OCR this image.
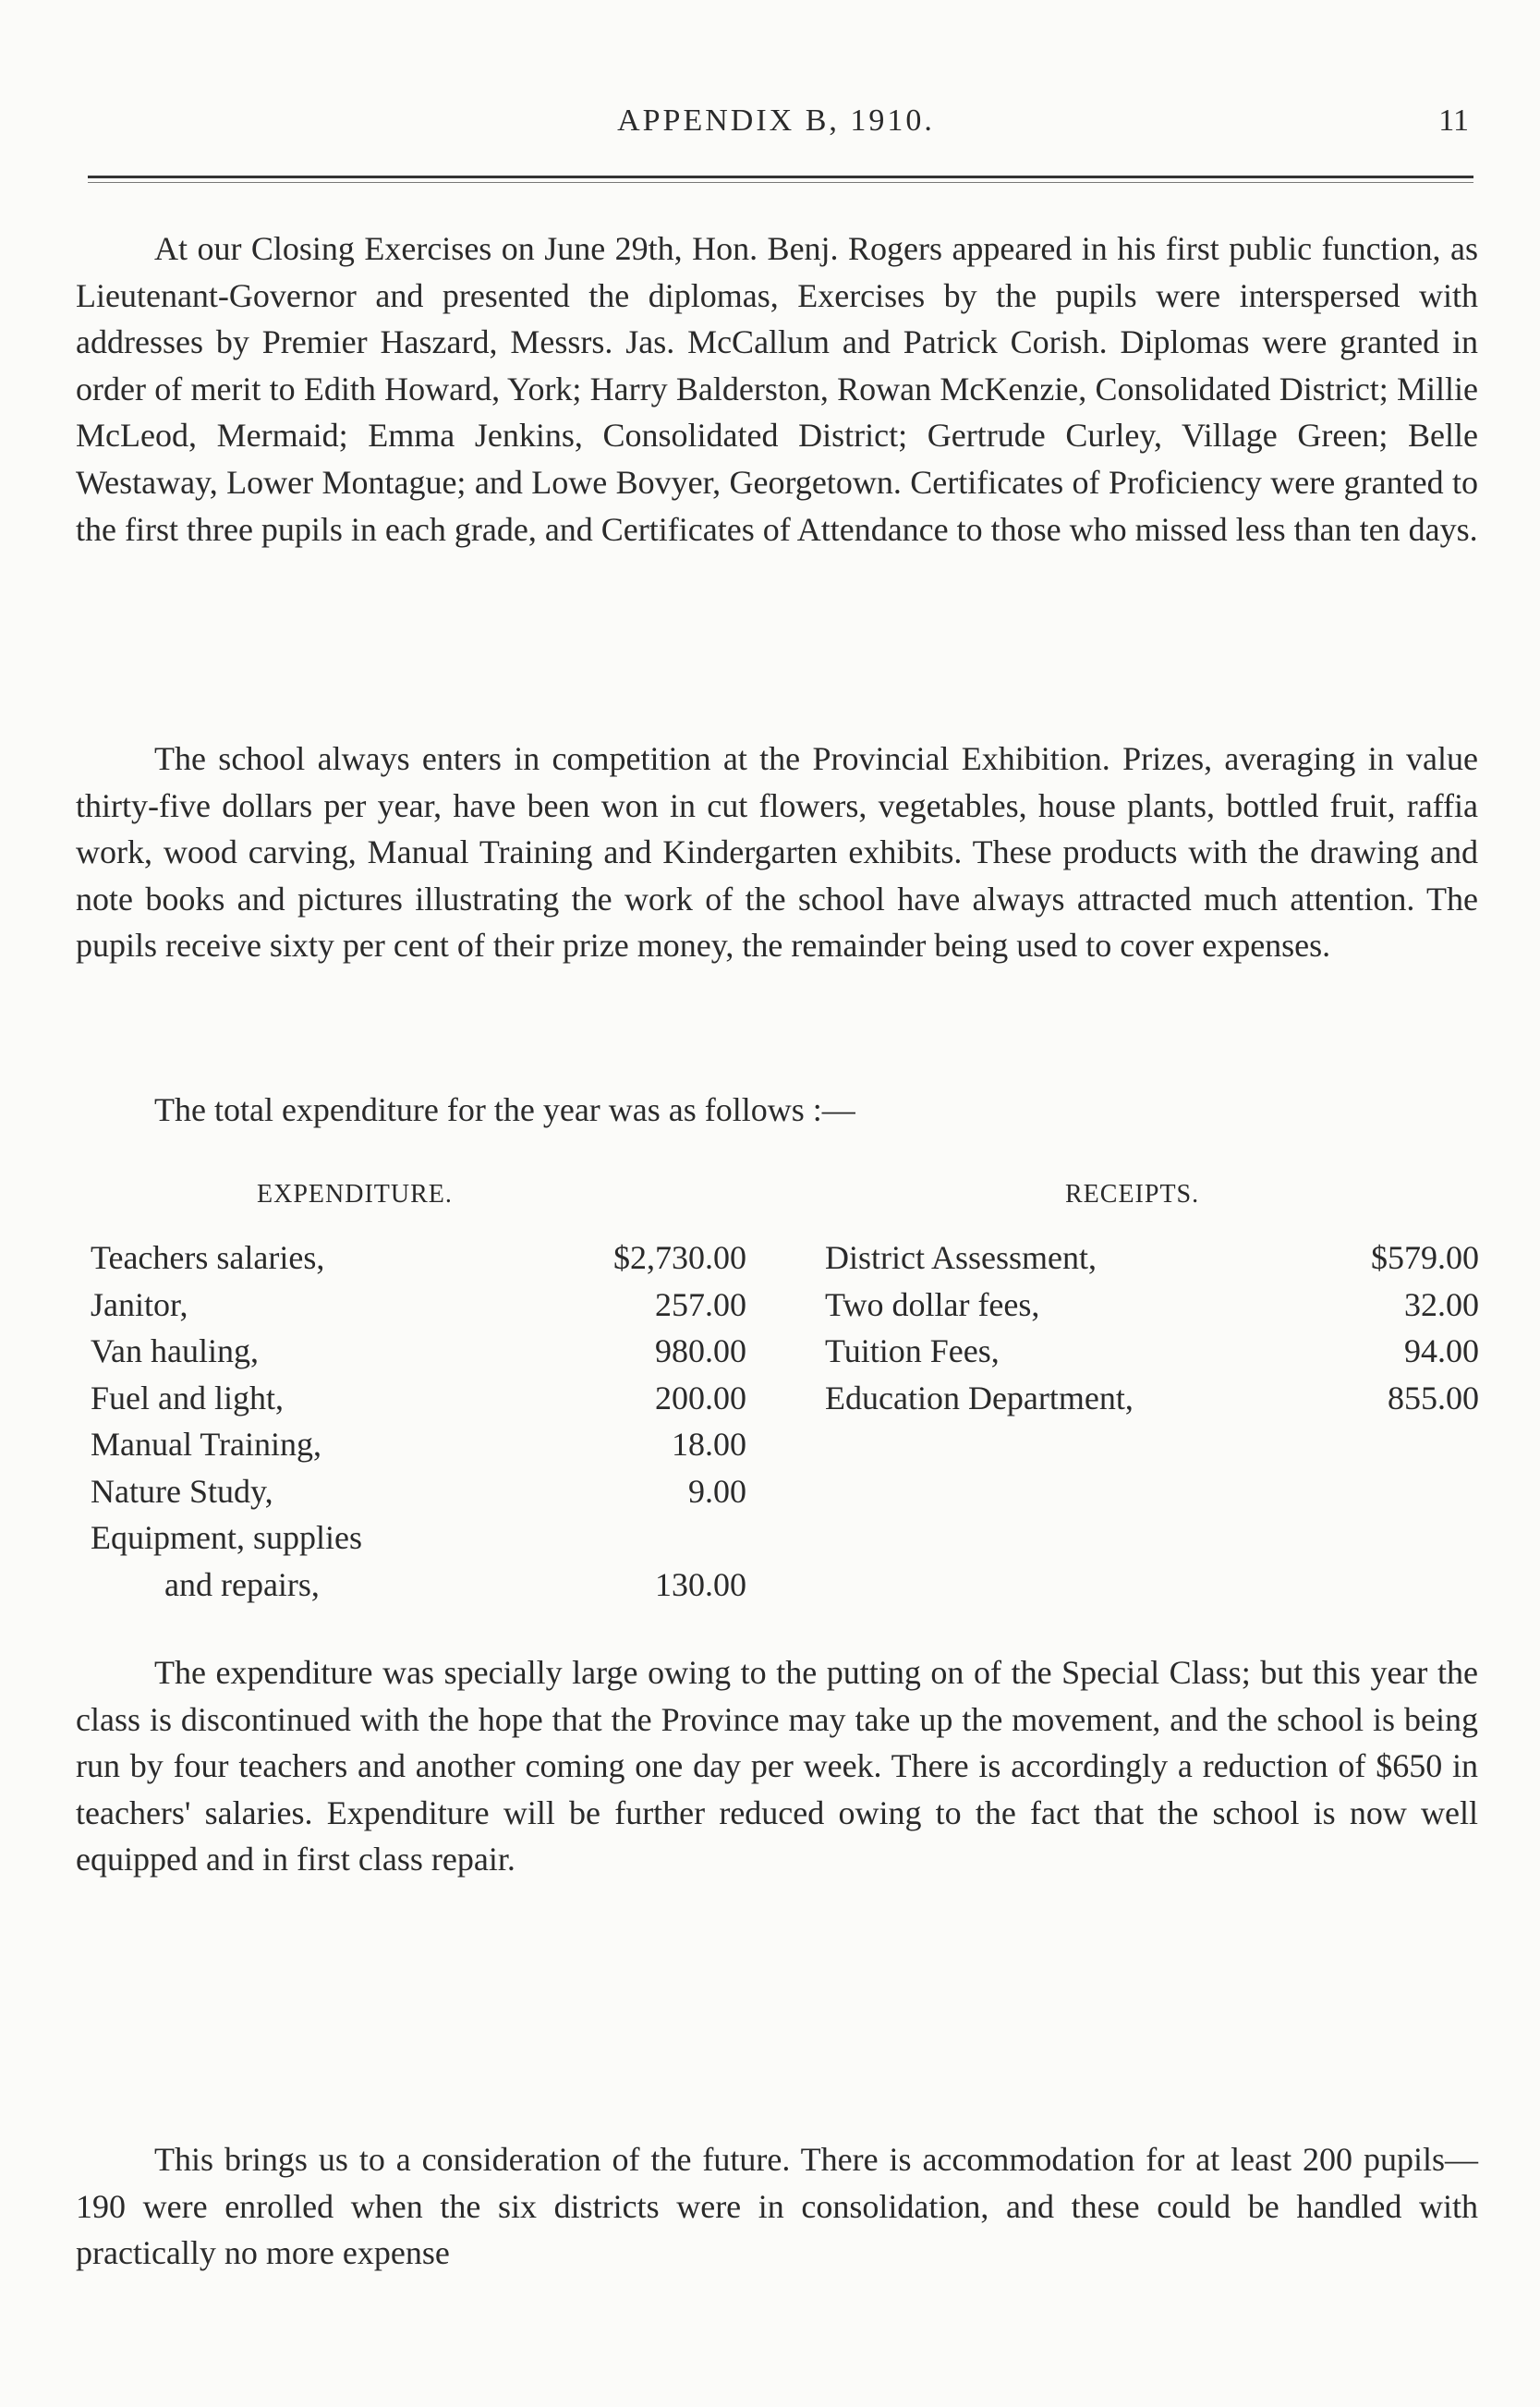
APPENDIX B, 1910.	11

At our Closing Exercises on June 29th, Hon. Benj. Rogers appeared in his first public function, as Lieutenant-Governor and presented the diplomas, Exercises by the pupils were interspersed with addresses by Premier Haszard, Messrs. Jas. McCallum and Patrick Corish. Diplomas were granted in order of merit to Edith Howard, York; Harry Balderston, Rowan McKenzie, Consolidated District; Millie McLeod, Mermaid; Emma Jenkins, Consolidated District; Gertrude Curley, Village Green; Belle Westaway, Lower Montague; and Lowe Bovyer, Georgetown. Certificates of Proficiency were granted to the first three pupils in each grade, and Certificates of Attendance to those who missed less than ten days.

The school always enters in competition at the Provincial Exhibition. Prizes, averaging in value thirty-five dollars per year, have been won in cut flowers, vegetables, house plants, bottled fruit, raffia work, wood carving, Manual Training and Kindergarten exhibits. These products with the drawing and note books and pictures illustrating the work of the school have always attracted much attention. The pupils receive sixty per cent of their prize money, the remainder being used to cover expenses.

The total expenditure for the year was as follows :—

EXPENDITURE.	RECEIPTS.
Teachers salaries,	$2,730.00
Janitor,	257.00
Van hauling,	980.00
Fuel and light,	200.00
Manual Training,	18.00
Nature Study,	9.00
Equipment, supplies
and repairs,	130.00
District Assessment,	$579.00
Two dollar fees,	32.00
Tuition Fees,	94.00
Education Department,	855.00

The expenditure was specially large owing to the putting on of the Special Class; but this year the class is discontinued with the hope that the Province may take up the movement, and the school is being run by four teachers and another coming one day per week. There is accordingly a reduction of $650 in teachers' salaries. Expenditure will be further reduced owing to the fact that the school is now well equipped and in first class repair.

This brings us to a consideration of the future. There is accommodation for at least 200 pupils—190 were enrolled when the six districts were in consolidation, and these could be handled with practically no more expense
